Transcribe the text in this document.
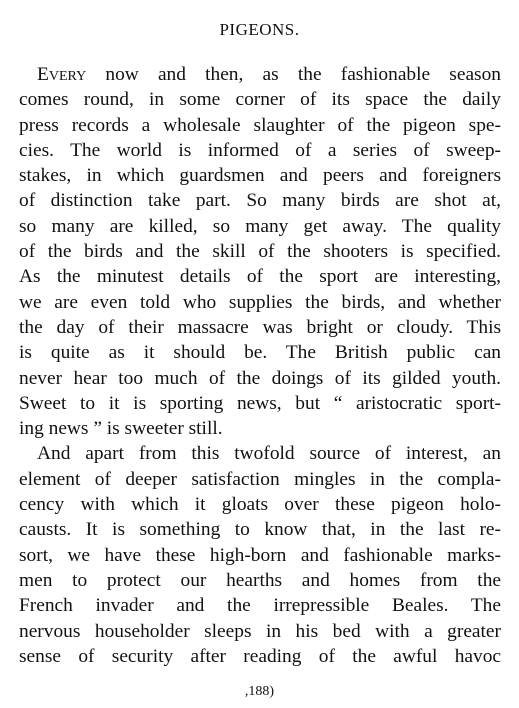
PIGEONS.
Every now and then, as the fashionable season
comes round, in some corner of its space the daily
press records a wholesale slaughter of the pigeon spe-
cies. The world is informed of a series of sweep-
stakes, in which guardsmen and peers and foreigners
of distinction take part. So many birds are shot at,
so many are killed, so many get away. The quality
of the birds and the skill of the shooters is specified.
As the minutest details of the sport are interesting,
we are even told who supplies the birds, and whether
the day of their massacre was bright or cloudy. This
is quite as it should be. The British public can
never hear too much of the doings of its gilded youth.
Sweet to it is sporting news, but “ aristocratic sport-
ing news ” is sweeter still.
And apart from this twofold source of interest, an
element of deeper satisfaction mingles in the compla-
cency with which it gloats over these pigeon holo-
causts. It is something to know that, in the last re-
sort, we have these high-born and fashionable marks-
men to protect our hearths and homes from the
French invader and the irrepressible Beales. The
nervous householder sleeps in his bed with a greater
sense of security after reading of the awful havoc
,188)
